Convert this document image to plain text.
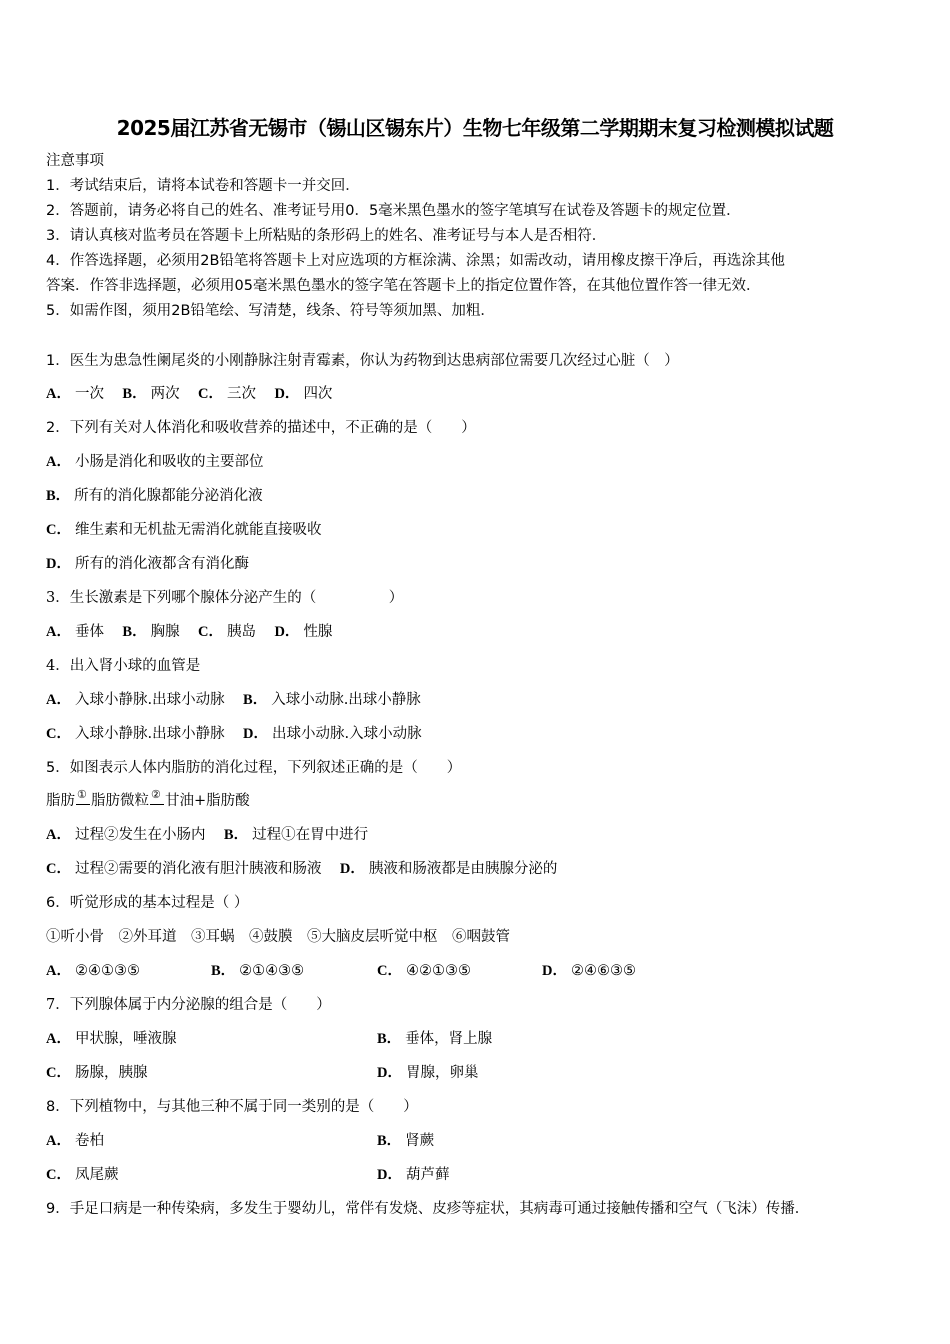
2025届江苏省无锡市（锡山区锡东片）生物七年级第二学期期末复习检测模拟试题
注意事项
1．考试结束后，请将本试卷和答题卡一并交回．
2．答题前，请务必将自己的姓名、准考证号用0．5毫米黑色墨水的签字笔填写在试卷及答题卡的规定位置．
3．请认真核对监考员在答题卡上所粘贴的条形码上的姓名、准考证号与本人是否相符．
4．作答选择题，必须用2B铅笔将答题卡上对应选项的方框涂满、涂黑；如需改动，请用橡皮擦干净后，再选涂其他
答案．作答非选择题，必须用05毫米黑色墨水的签字笔在答题卡上的指定位置作答，在其他位置作答一律无效．
5．如需作图，须用2B铅笔绘、写清楚，线条、符号等须加黑、加粗．
1．医生为患急性阑尾炎的小刚静脉注射青霉素，你认为药物到达患病部位需要几次经过心脏（　）
A． 一次 B． 两次 C． 三次 D． 四次
2．下列有关对人体消化和吸收营养的描述中，不正确的是（　　）
A． 小肠是消化和吸收的主要部位
B． 所有的消化腺都能分泌消化液
C． 维生素和无机盐无需消化就能直接吸收
D． 所有的消化液都含有消化酶
3．生长激素是下列哪个腺体分泌产生的（　　　　　）
A． 垂体 B． 胸腺 C． 胰岛 D． 性腺
4．出入肾小球的血管是
A． 入球小静脉.出球小动脉 B． 入球小动脉.出球小静脉
C． 入球小静脉.出球小静脉 D． 出球小动脉.入球小动脉
5．如图表示人体内脂肪的消化过程，下列叙述正确的是（　　）
脂肪 ① 脂肪微粒 ② 甘油+脂肪酸
A． 过程②发生在小肠内 B． 过程①在胃中进行
C． 过程②需要的消化液有胆汁胰液和肠液 D． 胰液和肠液都是由胰腺分泌的
6．听觉形成的基本过程是（ ）
①听小骨　②外耳道　③耳蜗　④鼓膜　⑤大脑皮层听觉中枢　⑥咽鼓管
A． ②④①③⑤	B． ②①④③⑤	C． ④②①③⑤	D． ②④⑥③⑤
7．下列腺体属于内分泌腺的组合是（　　）
A． 甲状腺，唾液腺	B． 垂体，肾上腺
C． 肠腺，胰腺	D． 胃腺，卵巢
8．下列植物中，与其他三种不属于同一类别的是（　　）
A． 卷柏	B． 肾蕨
C． 凤尾蕨	D． 葫芦藓
9．手足口病是一种传染病，多发生于婴幼儿，常伴有发烧、皮疹等症状，其病毒可通过接触传播和空气（飞沫）传播．
